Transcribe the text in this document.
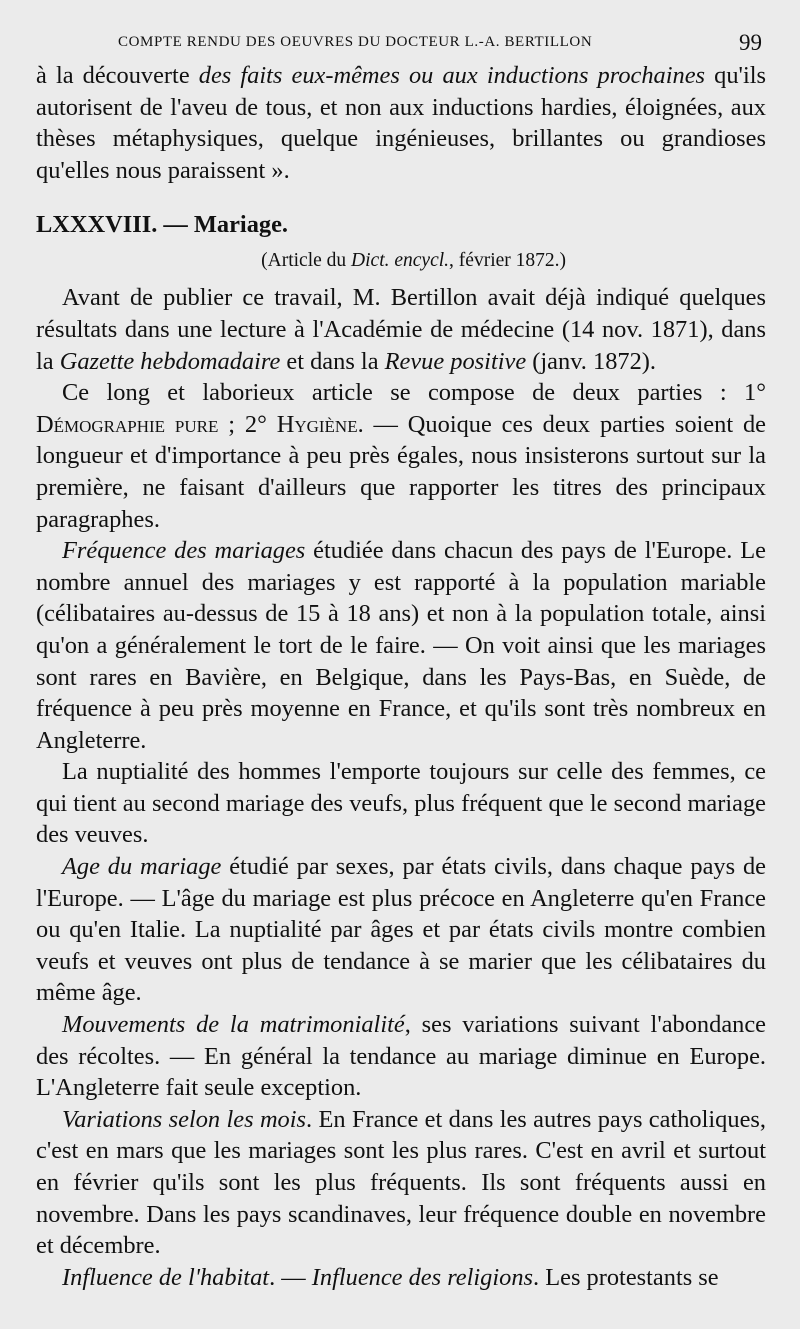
COMPTE RENDU DES OEUVRES DU DOCTEUR L.-A. BERTILLON	99

à la découverte des faits eux-mêmes ou aux inductions prochaines qu'ils autorisent de l'aveu de tous, et non aux inductions hardies, éloignées, aux thèses métaphysiques, quelque ingénieuses, brillantes ou grandioses qu'elles nous paraissent ».

LXXXVIII. — Mariage.
(Article du Dict. encycl., février 1872.)

Avant de publier ce travail, M. Bertillon avait déjà indiqué quelques résultats dans une lecture à l'Académie de médecine (14 nov. 1871), dans la Gazette hebdomadaire et dans la Revue positive (janv. 1872).

Ce long et laborieux article se compose de deux parties : 1° Démographie pure ; 2° Hygiène. — Quoique ces deux parties soient de longueur et d'importance à peu près égales, nous insisterons surtout sur la première, ne faisant d'ailleurs que rapporter les titres des principaux paragraphes.

Fréquence des mariages étudiée dans chacun des pays de l'Europe. Le nombre annuel des mariages y est rapporté à la population mariable (célibataires au-dessus de 15 à 18 ans) et non à la population totale, ainsi qu'on a généralement le tort de le faire. — On voit ainsi que les mariages sont rares en Bavière, en Belgique, dans les Pays-Bas, en Suède, de fréquence à peu près moyenne en France, et qu'ils sont très nombreux en Angleterre.

La nuptialité des hommes l'emporte toujours sur celle des femmes, ce qui tient au second mariage des veufs, plus fréquent que le second mariage des veuves.

Age du mariage étudié par sexes, par états civils, dans chaque pays de l'Europe. — L'âge du mariage est plus précoce en Angleterre qu'en France ou qu'en Italie. La nuptialité par âges et par états civils montre combien veufs et veuves ont plus de tendance à se marier que les célibataires du même âge.

Mouvements de la matrimonialité, ses variations suivant l'abondance des récoltes. — En général la tendance au mariage diminue en Europe. L'Angleterre fait seule exception.

Variations selon les mois. En France et dans les autres pays catholiques, c'est en mars que les mariages sont les plus rares. C'est en avril et surtout en février qu'ils sont les plus fréquents. Ils sont fréquents aussi en novembre. Dans les pays scandinaves, leur fréquence double en novembre et décembre.

Influence de l'habitat. — Influence des religions. Les protestants se
